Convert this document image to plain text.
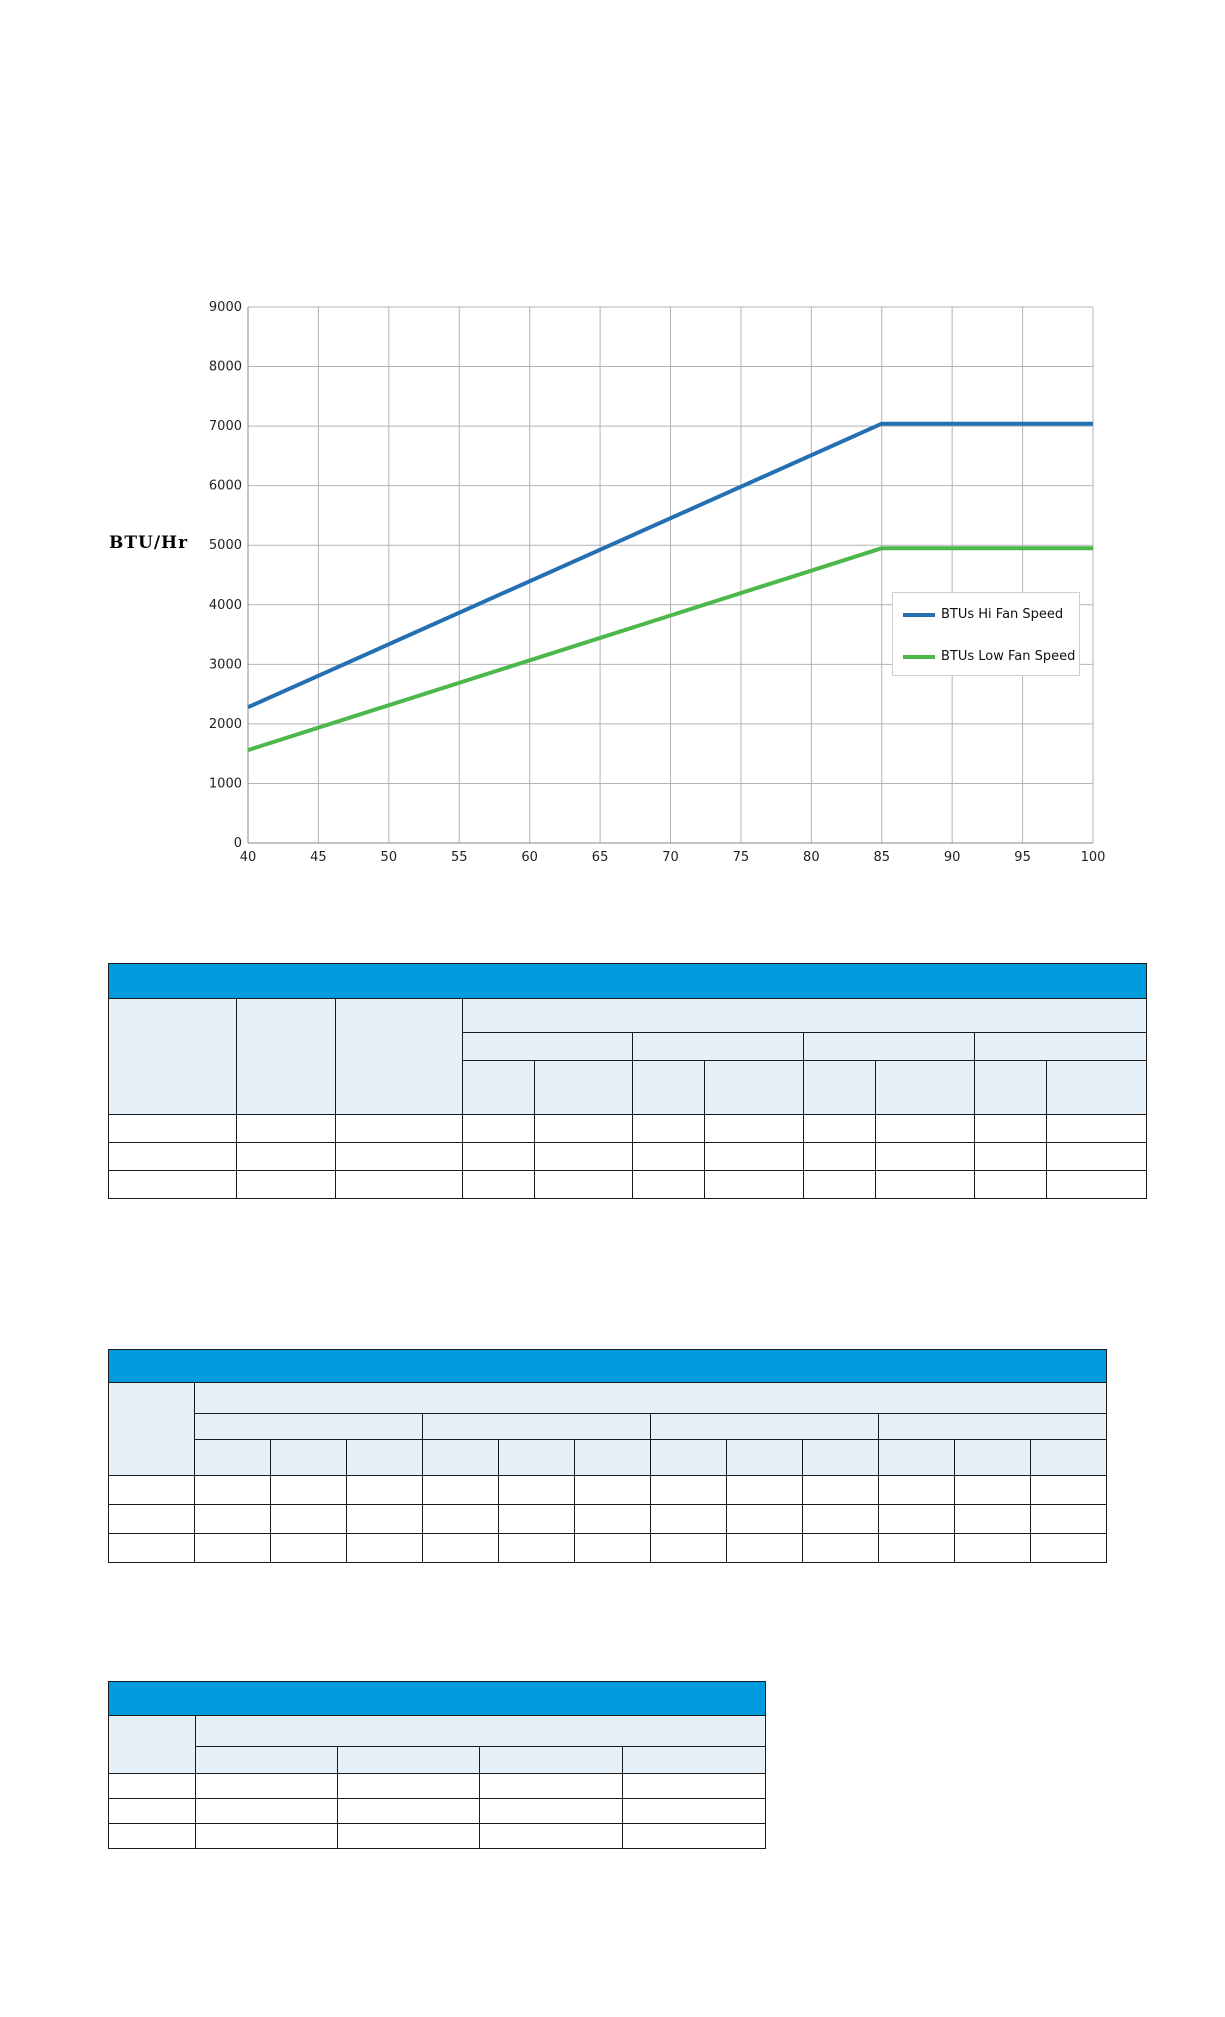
40	45	50	55	60	65	70	75	80	85	90	95	100
0
1000
2000
3000
4000
5000
6000
7000
8000
9000
BTU/Hr
BTUs Hi Fan Speed
BTUs Low Fan Speed
